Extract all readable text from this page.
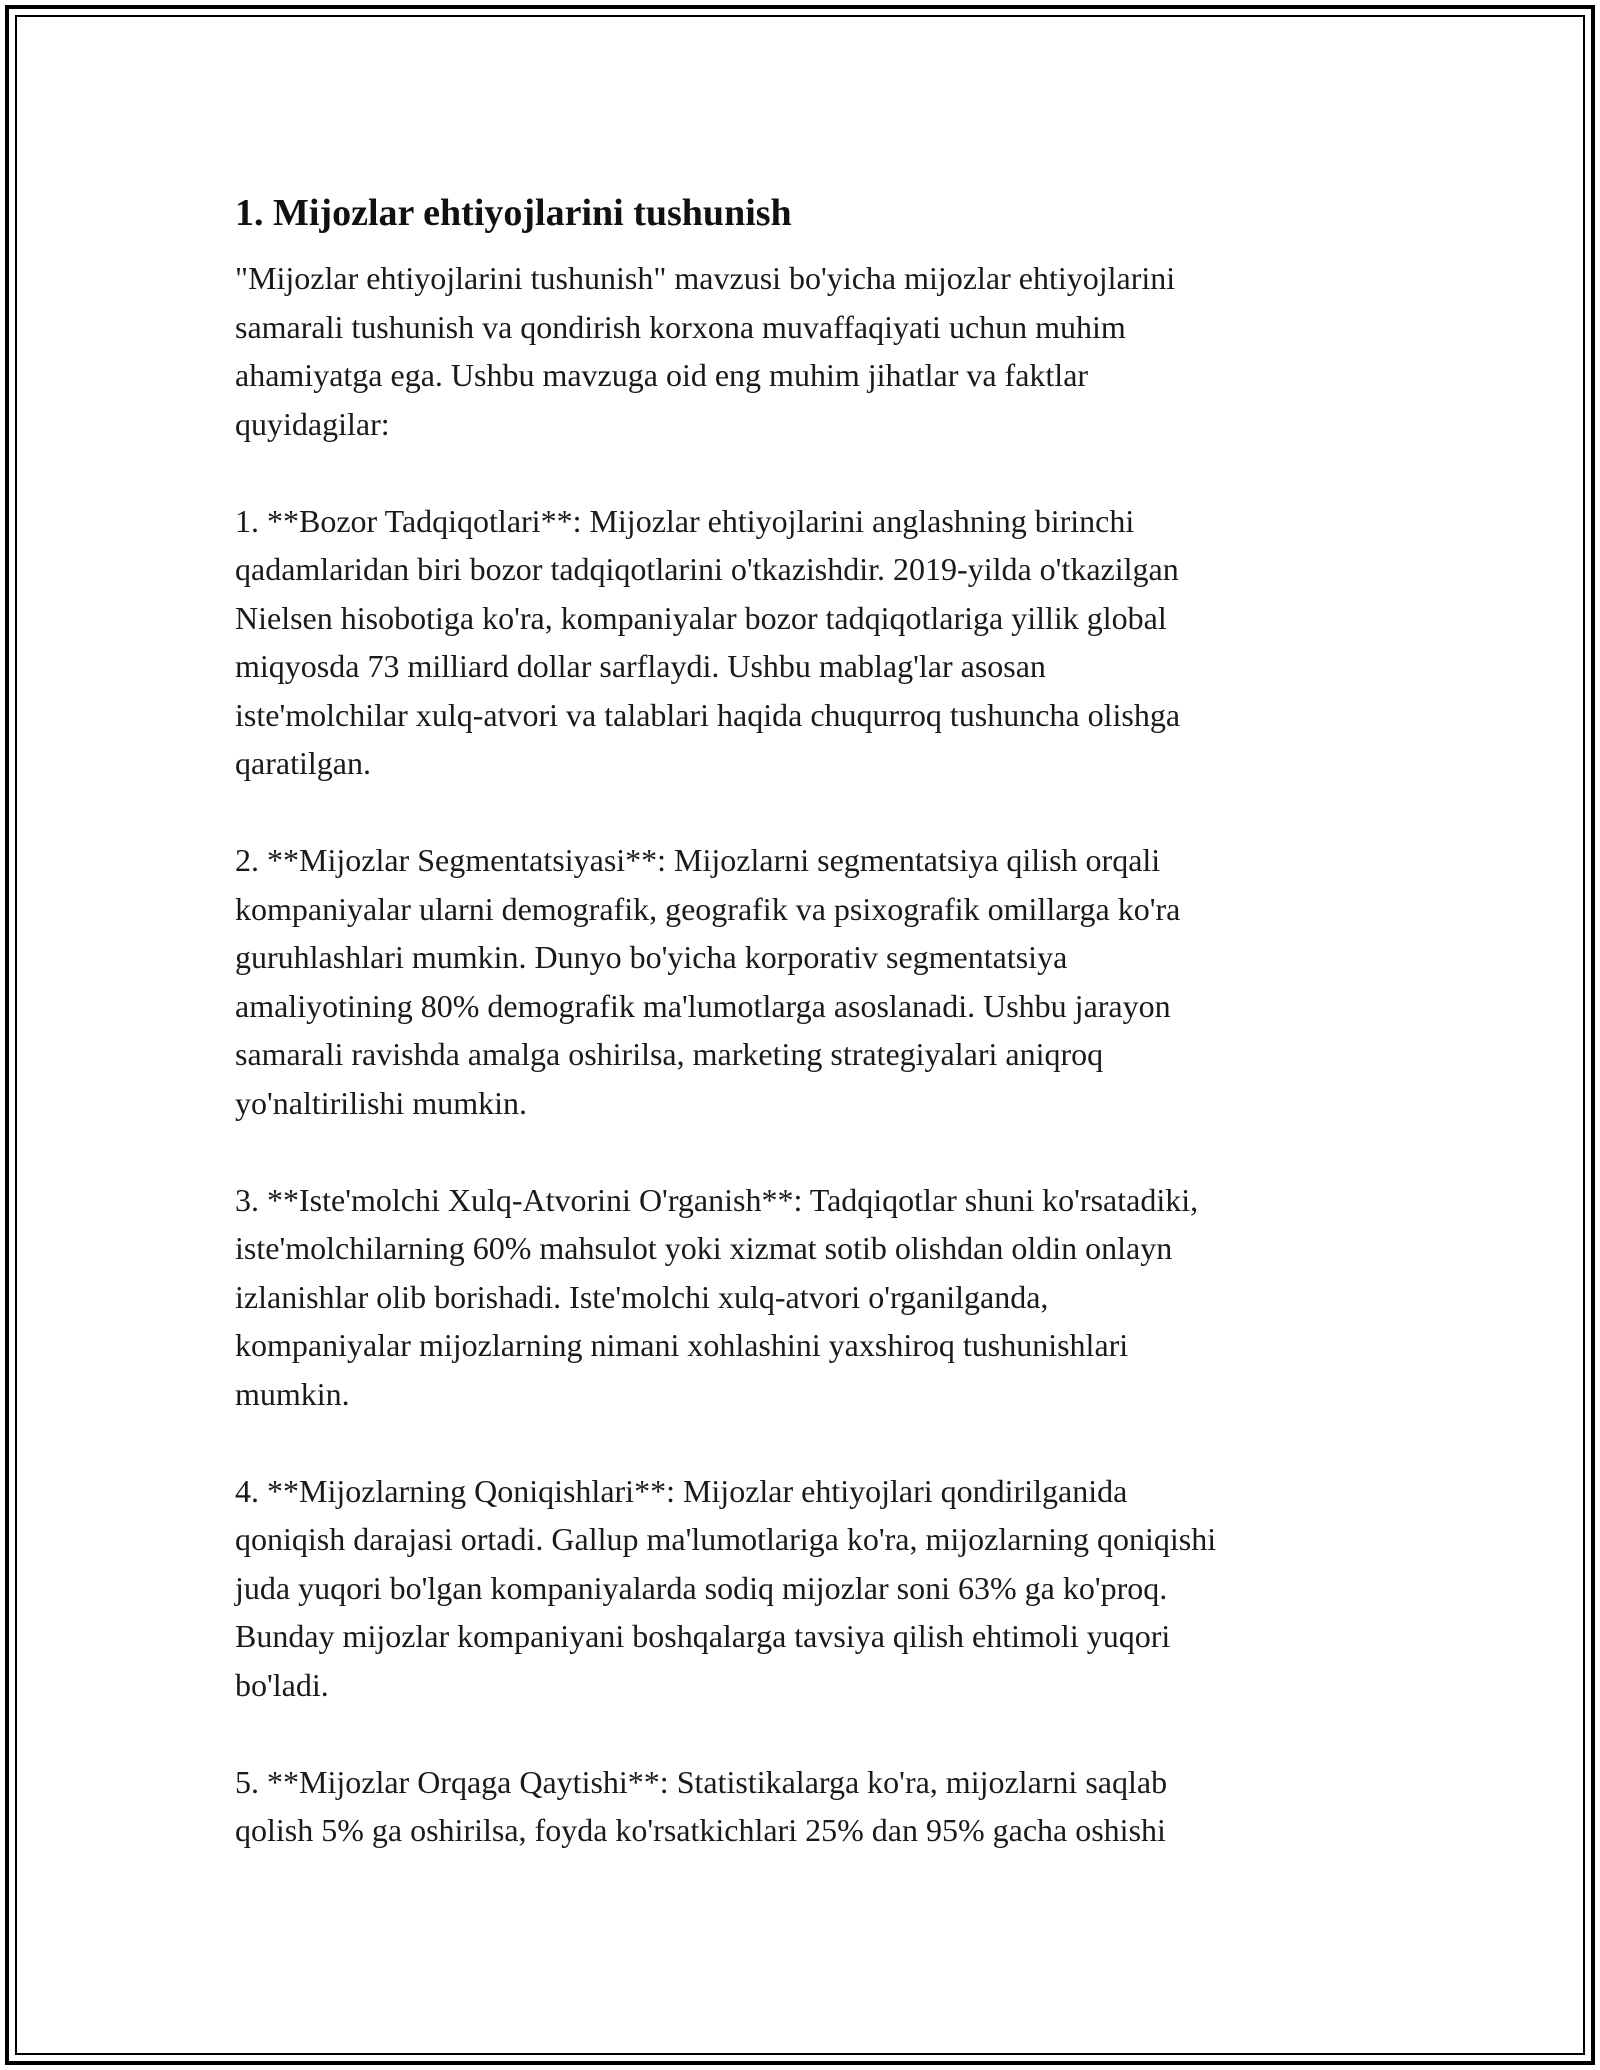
1. Mijozlar ehtiyojlarini tushunish

"Mijozlar ehtiyojlarini tushunish" mavzusi bo'yicha mijozlar ehtiyojlarini
samarali tushunish va qondirish korxona muvaffaqiyati uchun muhim
ahamiyatga ega. Ushbu mavzuga oid eng muhim jihatlar va faktlar
quyidagilar:

1. **Bozor Tadqiqotlari**: Mijozlar ehtiyojlarini anglashning birinchi
qadamlaridan biri bozor tadqiqotlarini o'tkazishdir. 2019-yilda o'tkazilgan
Nielsen hisobotiga ko'ra, kompaniyalar bozor tadqiqotlariga yillik global
miqyosda 73 milliard dollar sarflaydi. Ushbu mablag'lar asosan
iste'molchilar xulq-atvori va talablari haqida chuqurroq tushuncha olishga
qaratilgan.

2. **Mijozlar Segmentatsiyasi**: Mijozlarni segmentatsiya qilish orqali
kompaniyalar ularni demografik, geografik va psixografik omillarga ko'ra
guruhlashlari mumkin. Dunyo bo'yicha korporativ segmentatsiya
amaliyotining 80% demografik ma'lumotlarga asoslanadi. Ushbu jarayon
samarali ravishda amalga oshirilsa, marketing strategiyalari aniqroq
yo'naltirilishi mumkin.

3. **Iste'molchi Xulq-Atvorini O'rganish**: Tadqiqotlar shuni ko'rsatadiki,
iste'molchilarning 60% mahsulot yoki xizmat sotib olishdan oldin onlayn
izlanishlar olib borishadi. Iste'molchi xulq-atvori o'rganilganda,
kompaniyalar mijozlarning nimani xohlashini yaxshiroq tushunishlari
mumkin.

4. **Mijozlarning Qoniqishlari**: Mijozlar ehtiyojlari qondirilganida
qoniqish darajasi ortadi. Gallup ma'lumotlariga ko'ra, mijozlarning qoniqishi
juda yuqori bo'lgan kompaniyalarda sodiq mijozlar soni 63% ga ko'proq.
Bunday mijozlar kompaniyani boshqalarga tavsiya qilish ehtimoli yuqori
bo'ladi.

5. **Mijozlar Orqaga Qaytishi**: Statistikalarga ko'ra, mijozlarni saqlab
qolish 5% ga oshirilsa, foyda ko'rsatkichlari 25% dan 95% gacha oshishi
